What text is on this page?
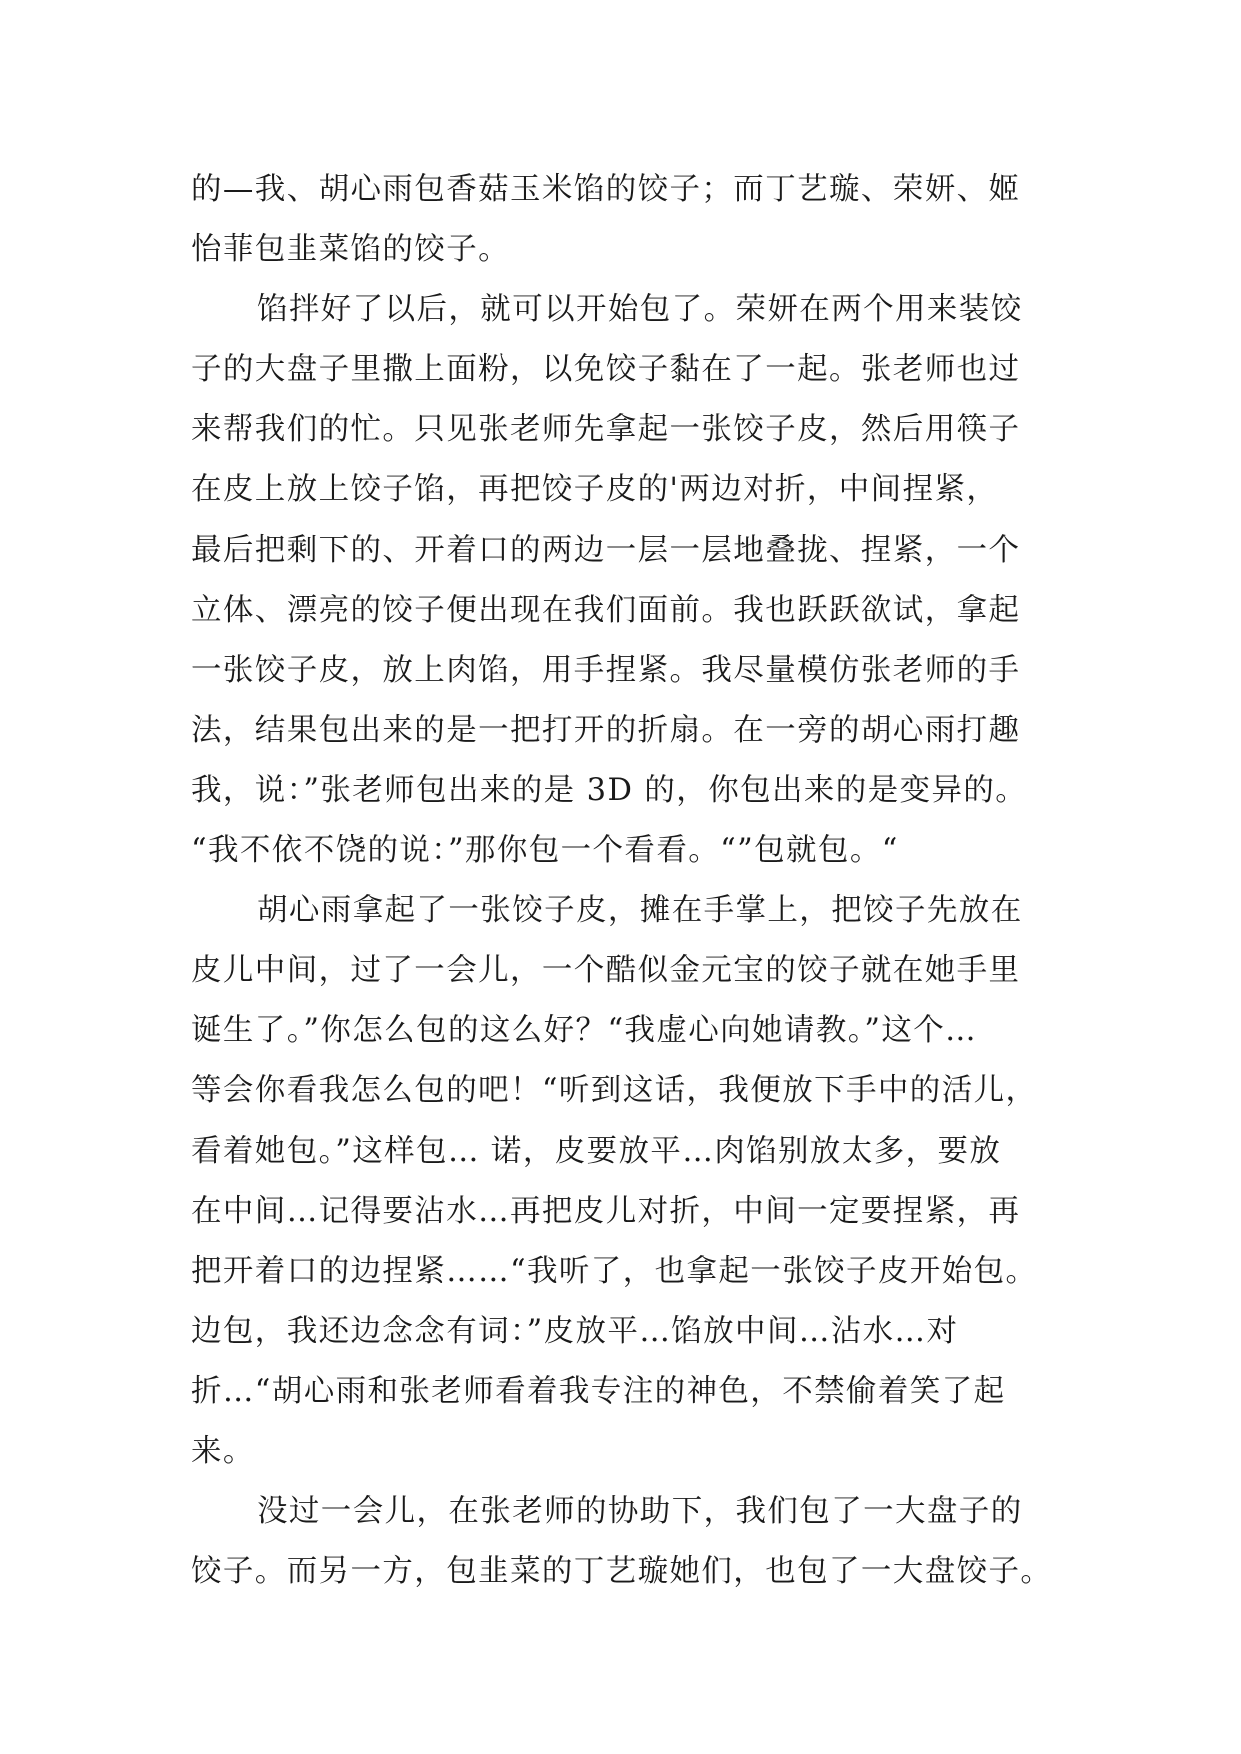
的—我、胡心雨包香菇玉米馅的饺子；而丁艺璇、荣妍、姬
怡菲包韭菜馅的饺子。
馅拌好了以后，就可以开始包了。荣妍在两个用来装饺
子的大盘子里撒上面粉，以免饺子黏在了一起。张老师也过
来帮我们的忙。只见张老师先拿起一张饺子皮，然后用筷子
在皮上放上饺子馅，再把饺子皮的'两边对折，中间捏紧，
最后把剩下的、开着口的两边一层一层地叠拢、捏紧，一个
立体、漂亮的饺子便出现在我们面前。我也跃跃欲试，拿起
一张饺子皮，放上肉馅，用手捏紧。我尽量模仿张老师的手
法，结果包出来的是一把打开的折扇。在一旁的胡心雨打趣
我，说：”张老师包出来的是 3D 的，你包出来的是变异的。
“我不依不饶的说：”那你包一个看看。“”包就包。“
胡心雨拿起了一张饺子皮，摊在手掌上，把饺子先放在
皮儿中间，过了一会儿，一个酷似金元宝的饺子就在她手里
诞生了。”你怎么包的这么好？“我虚心向她请教。”这个…
等会你看我怎么包的吧！“听到这话，我便放下手中的活儿，
看着她包。”这样包… 诺，皮要放平…肉馅别放太多，要放
在中间…记得要沾水…再把皮儿对折，中间一定要捏紧，再
把开着口的边捏紧……“我听了，也拿起一张饺子皮开始包。
边包，我还边念念有词：”皮放平…馅放中间…沾水…对
折…“胡心雨和张老师看着我专注的神色，不禁偷着笑了起
来。
没过一会儿，在张老师的协助下，我们包了一大盘子的
饺子。而另一方，包韭菜的丁艺璇她们，也包了一大盘饺子。
